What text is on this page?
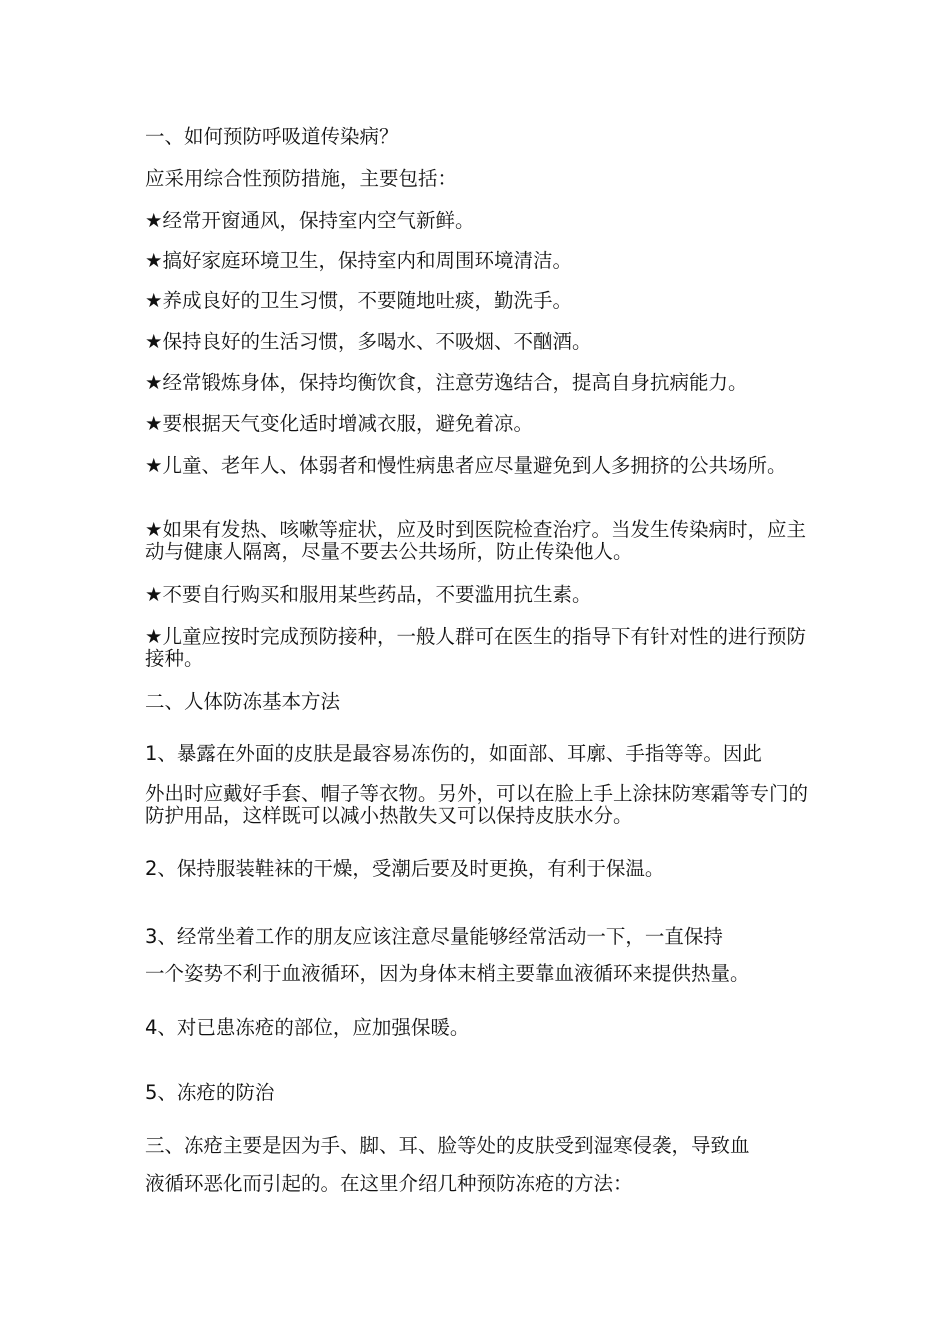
一、如何预防呼吸道传染病？
应采用综合性预防措施，主要包括：
★经常开窗通风，保持室内空气新鲜。
★搞好家庭环境卫生，保持室内和周围环境清洁。
★养成良好的卫生习惯，不要随地吐痰，勤洗手。
★保持良好的生活习惯，多喝水、不吸烟、不酗酒。
★经常锻炼身体，保持均衡饮食，注意劳逸结合，提高自身抗病能力。
★要根据天气变化适时增减衣服，避免着凉。
★儿童、老年人、体弱者和慢性病患者应尽量避免到人多拥挤的公共场所。
★如果有发热、咳嗽等症状，应及时到医院检查治疗。当发生传染病时，应主动与健康人隔离，尽量不要去公共场所，防止传染他人。
★不要自行购买和服用某些药品，不要滥用抗生素。
★儿童应按时完成预防接种，一般人群可在医生的指导下有针对性的进行预防接种。
二、人体防冻基本方法
1、暴露在外面的皮肤是最容易冻伤的，如面部、耳廓、手指等等。因此
外出时应戴好手套、帽子等衣物。另外，可以在脸上手上涂抹防寒霜等专门的防护用品，这样既可以减小热散失又可以保持皮肤水分。
2、保持服装鞋袜的干燥，受潮后要及时更换，有利于保温。
3、经常坐着工作的朋友应该注意尽量能够经常活动一下，一直保持
一个姿势不利于血液循环，因为身体末梢主要靠血液循环来提供热量。
4、对已患冻疮的部位，应加强保暖。
5、冻疮的防治
三、冻疮主要是因为手、脚、耳、脸等处的皮肤受到湿寒侵袭，导致血
液循环恶化而引起的。在这里介绍几种预防冻疮的方法：
